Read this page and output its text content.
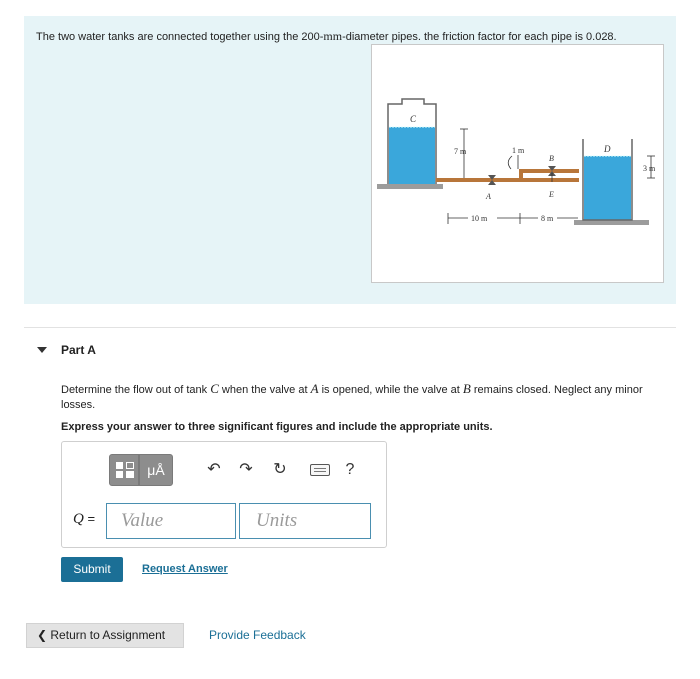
The two water tanks are connected together using the 200-mm-diameter pipes. the friction factor for each pipe is 0.028.
C
A
B
E
7 m	1 m	D
3 m
10 m	8 m
Part A
Determine the flow out of tank C when the valve at A is opened, while the valve at B remains closed. Neglect any minor losses.
Express your answer to three significant figures and include the appropriate units.
μÅ	↶ ↷ ↻	?
Q =	Value	Units
Submit	Request Answer
❮ Return to Assignment	Provide Feedback
